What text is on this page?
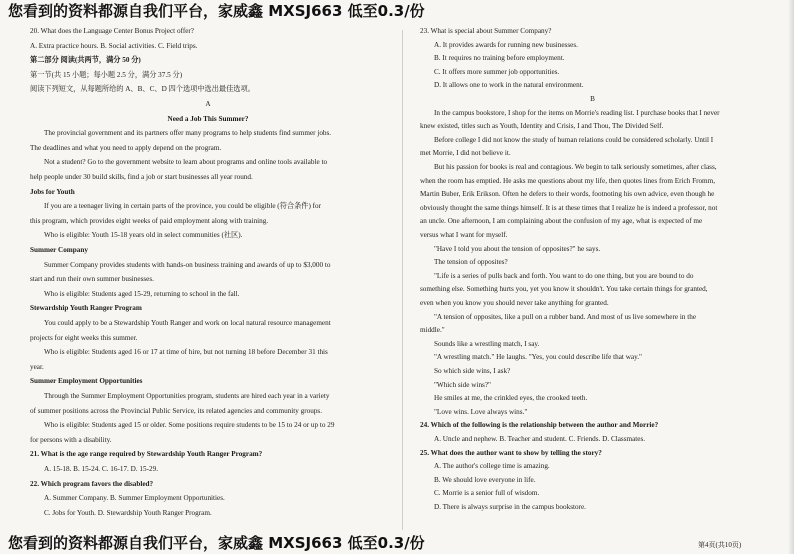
20. What does the Language Center Bonus Project offer?
A. Extra practice hours. B. Social activities. C. Field trips.
第二部分 阅读(共两节，满分 50 分)
第一节(共 15 小题；每小题 2.5 分，满分 37.5 分)
阅读下列短文，从每题所给的 A、B、C、D 四个选项中选出最佳选项。
A
Need a Job This Summer?
The provincial government and its partners offer many programs to help students find summer jobs.
The deadlines and what you need to apply depend on the program.
Not a student? Go to the government website to learn about programs and online tools available to
help people under 30 build skills, find a job or start businesses all year round.
Jobs for Youth
If you are a teenager living in certain parts of the province, you could be eligible (符合条件) for
this program, which provides eight weeks of paid employment along with training.
Who is eligible: Youth 15-18 years old in select communities (社区).
Summer Company
Summer Company provides students with hands-on business training and awards of up to $3,000 to
start and run their own summer businesses.
Who is eligible: Students aged 15-29, returning to school in the fall.
Stewardship Youth Ranger Program
You could apply to be a Stewardship Youth Ranger and work on local natural resource management
projects for eight weeks this summer.
Who is eligible: Students aged 16 or 17 at time of hire, but not turning 18 before December 31 this
year.
Summer Employment Opportunities
Through the Summer Employment Opportunities program, students are hired each year in a variety
of summer positions across the Provincial Public Service, its related agencies and community groups.
Who is eligible: Students aged 15 or older. Some positions require students to be 15 to 24 or up to 29
for persons with a disability.
21. What is the age range required by Stewardship Youth Ranger Program?
A. 15-18. B. 15-24. C. 16-17. D. 15-29.
22. Which program favors the disabled?
A. Summer Company. B. Summer Employment Opportunities.
C. Jobs for Youth. D. Stewardship Youth Ranger Program.
23. What is special about Summer Company?
A. It provides awards for running new businesses.
B. It requires no training before employment.
C. It offers more summer job opportunities.
D. It allows one to work in the natural environment.
B
In the campus bookstore, I shop for the items on Morrie's reading list. I purchase books that I never
knew existed, titles such as Youth, Identity and Crisis, I and Thou, The Divided Self.
Before college I did not know the study of human relations could be considered scholarly. Until I
met Morrie, I did not believe it.
But his passion for books is real and contagious. We begin to talk seriously sometimes, after class,
when the room has emptied. He asks me questions about my life, then quotes lines from Erich Fromm,
Martin Buber, Erik Erikson. Often he defers to their words, footnoting his own advice, even though he
obviously thought the same things himself. It is at these times that I realize he is indeed a professor, not
an uncle. One afternoon, I am complaining about the confusion of my age, what is expected of me
versus what I want for myself.
"Have I told you about the tension of opposites?" he says.
The tension of opposites?
"Life is a series of pulls back and forth. You want to do one thing, but you are bound to do
something else. Something hurts you, yet you know it shouldn't. You take certain things for granted,
even when you know you should never take anything for granted.
"A tension of opposites, like a pull on a rubber band. And most of us live somewhere in the
middle."
Sounds like a wrestling match, I say.
"A wrestling match." He laughs. "Yes, you could describe life that way."
So which side wins, I ask?
"Which side wins?"
He smiles at me, the crinkled eyes, the crooked teeth.
"Love wins. Love always wins."
24. Which of the following is the relationship between the author and Morrie?
A. Uncle and nephew. B. Teacher and student. C. Friends. D. Classmates.
25. What does the author want to show by telling the story?
A. The author's college time is amazing.
B. We should love everyone in life.
C. Morrie is a senior full of wisdom.
D. There is always surprise in the campus bookstore.
您看到的资料都源自我们平台，家威鑫 MXSJ663 低至0.3/份
您看到的资料都源自我们平台，家威鑫 MXSJ663 低至0.3/份	第4页(共10页)
